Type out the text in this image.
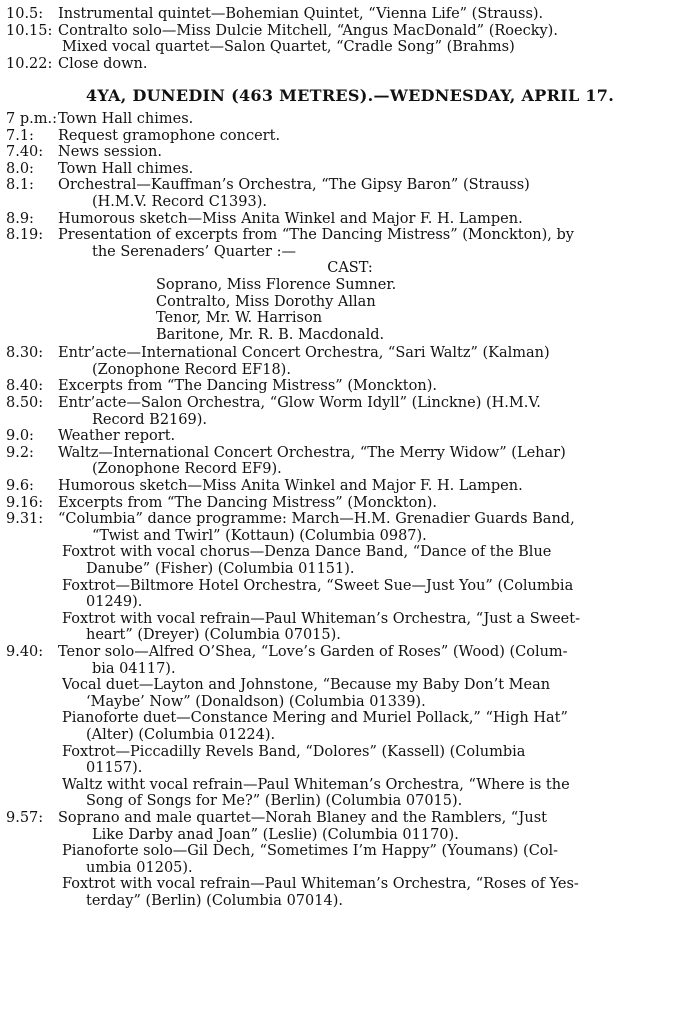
10.5:	Instrumental quintet—Bohemian Quintet, “Vienna Life” (Strauss).
10.15: Contralto solo—Miss Dulcie Mitchell, “Angus MacDonald” (Roecky).
Mixed vocal quartet—Salon Quartet, “Cradle Song” (Brahms)
10.22: Close down.
4YA, DUNEDIN (463 METRES).—WEDNESDAY, APRIL 17.
7 p.m.: Town Hall chimes.
7.1:	Request gramophone concert.
7.40:	News session.
8.0:	Town Hall chimes.
8.1:	Orchestral—Kauffman’s Orchestra, “The Gipsy Baron” (Strauss)
(H.M.V. Record C1393).
8.9:	Humorous sketch—Miss Anita Winkel and Major F. H. Lampen.
8.19:	Presentation of excerpts from “The Dancing Mistress” (Monckton), by
the Serenaders’ Quarter :—
CAST:
Soprano, Miss Florence Sumner.
Contralto, Miss Dorothy Allan
Tenor, Mr. W. Harrison
Baritone, Mr. R. B. Macdonald.
8.30:	Entr’acte—International Concert Orchestra, “Sari Waltz” (Kalman)
(Zonophone Record EF18).
8.40:	Excerpts from “The Dancing Mistress” (Monckton).
8.50:	Entr’acte—Salon Orchestra, “Glow Worm Idyll” (Linckne) (H.M.V.
Record B2169).
9.0:	Weather report.
9.2:	Waltz—International Concert Orchestra, “The Merry Widow” (Lehar)
(Zonophone Record EF9).
9.6:	Humorous sketch—Miss Anita Winkel and Major F. H. Lampen.
9.16:	Excerpts from “The Dancing Mistress” (Monckton).
9.31:	“Columbia” dance programme: March—H.M. Grenadier Guards Band,
“Twist and Twirl” (Kottaun) (Columbia 0987).
Foxtrot with vocal chorus—Denza Dance Band, “Dance of the Blue
Danube” (Fisher) (Columbia 01151).
Foxtrot—Biltmore Hotel Orchestra, “Sweet Sue—Just You” (Columbia
01249).
Foxtrot with vocal refrain—Paul Whiteman’s Orchestra, “Just a Sweet-
heart” (Dreyer) (Columbia 07015).
9.40:	Tenor solo—Alfred O’Shea, “Love’s Garden of Roses” (Wood) (Colum-
bia 04117).
Vocal duet—Layton and Johnstone, “Because my Baby Don’t Mean
‘Maybe’ Now” (Donaldson) (Columbia 01339).
Pianoforte duet—Constance Mering and Muriel Pollack,” “High Hat”
(Alter) (Columbia 01224).
Foxtrot—Piccadilly Revels Band, “Dolores” (Kassell) (Columbia
01157).
Waltz witht vocal refrain—Paul Whiteman’s Orchestra, “Where is the
Song of Songs for Me?” (Berlin) (Columbia 07015).
9.57:	Soprano and male quartet—Norah Blaney and the Ramblers, “Just
Like Darby anad Joan” (Leslie) (Columbia 01170).
Pianoforte solo—Gil Dech, “Sometimes I’m Happy” (Youmans) (Col-
umbia 01205).
Foxtrot with vocal refrain—Paul Whiteman’s Orchestra, “Roses of Yes-
terday” (Berlin) (Columbia 07014).
